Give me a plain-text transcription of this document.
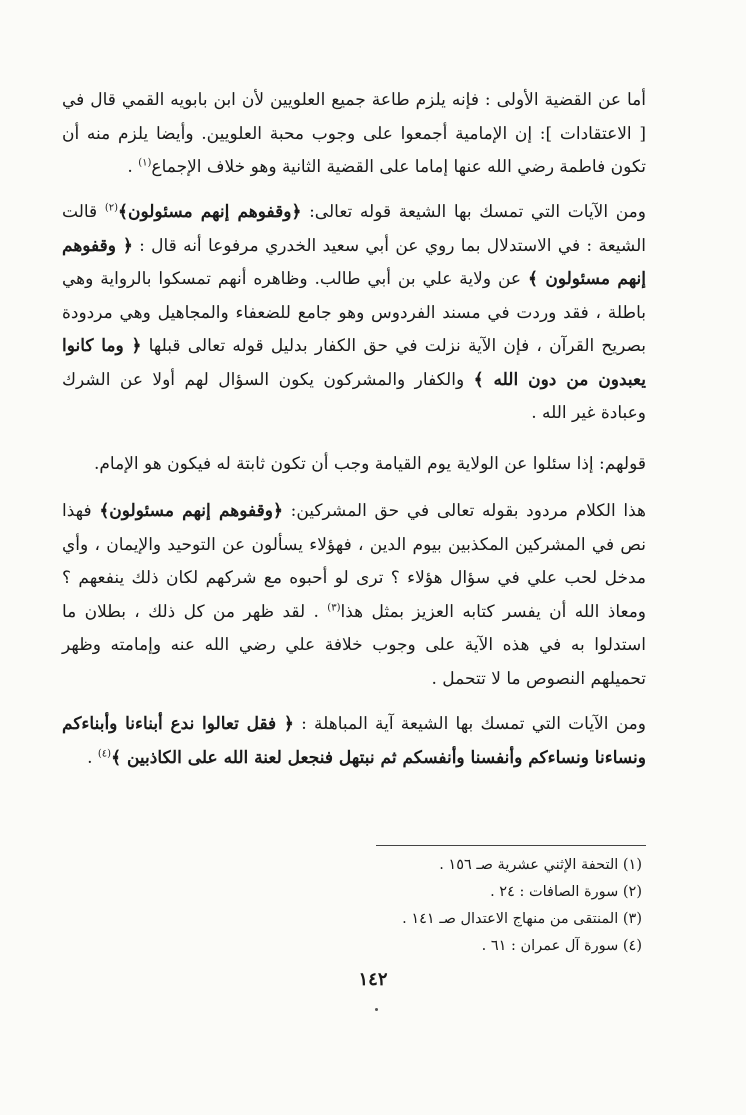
أما عن القضية الأولى : فإنه يلزم طاعة جميع العلويين لأن ابن بابويه القمي قال في [ الاعتقادات ]: إن الإمامية أجمعوا على وجوب محبة العلويين. وأيضا يلزم منه أن تكون فاطمة رضي الله عنها إماما على القضية الثانية وهو خلاف الإجماع$^{(١)}$ .
ومن الآيات التي تمسك بها الشيعة قوله تعالى: ﴿وقفوهم إنهم مسئولون﴾$^{(٢)}$ قالت الشيعة : في الاستدلال بما روي عن أبي سعيد الخدري مرفوعا أنه قال : ﴿ وقفوهم إنهم مسئولون ﴾ عن ولاية علي بن أبي طالب. وظاهره أنهم تمسكوا بالرواية وهي باطلة ، فقد وردت في مسند الفردوس وهو جامع للضعفاء والمجاهيل وهي مردودة بصريح القرآن ، فإن الآية نزلت في حق الكفار بدليل قوله تعالى قبلها ﴿ وما كانوا يعبدون من دون الله ﴾ والكفار والمشركون يكون السؤال لهم أولا عن الشرك وعبادة غير الله .
قولهم: إذا سئلوا عن الولاية يوم القيامة وجب أن تكون ثابتة له فيكون هو الإمام.
هذا الكلام مردود بقوله تعالى في حق المشركين: ﴿وقفوهم إنهم مسئولون﴾ فهذا نص في المشركين المكذبين بيوم الدين ، فهؤلاء يسألون عن التوحيد والإيمان ، وأي مدخل لحب علي في سؤال هؤلاء ؟ ترى لو أحبوه مع شركهم لكان ذلك ينفعهم ؟ ومعاذ الله أن يفسر كتابه العزيز بمثل هذا$^{(٣)}$ . لقد ظهر من كل ذلك ، بطلان ما استدلوا به في هذه الآية على وجوب خلافة علي رضي الله عنه وإمامته وظهر تحميلهم النصوص ما لا تتحمل .
ومن الآيات التي تمسك بها الشيعة آية المباهلة : ﴿ فقل تعالوا ندع أبناءنا وأبناءكم ونساءنا ونساءكم وأنفسنا وأنفسكم ثم نبتهل فنجعل لعنة الله على الكاذبين ﴾$^{(٤)}$ .
(١) التحفة الإثني عشرية صـ ١٥٦ .
(٢) سورة الصافات : ٢٤ .
(٣) المنتقى من منهاج الاعتدال صـ ١٤١ .
(٤) سورة آل عمران : ٦١ .
١٤٢
